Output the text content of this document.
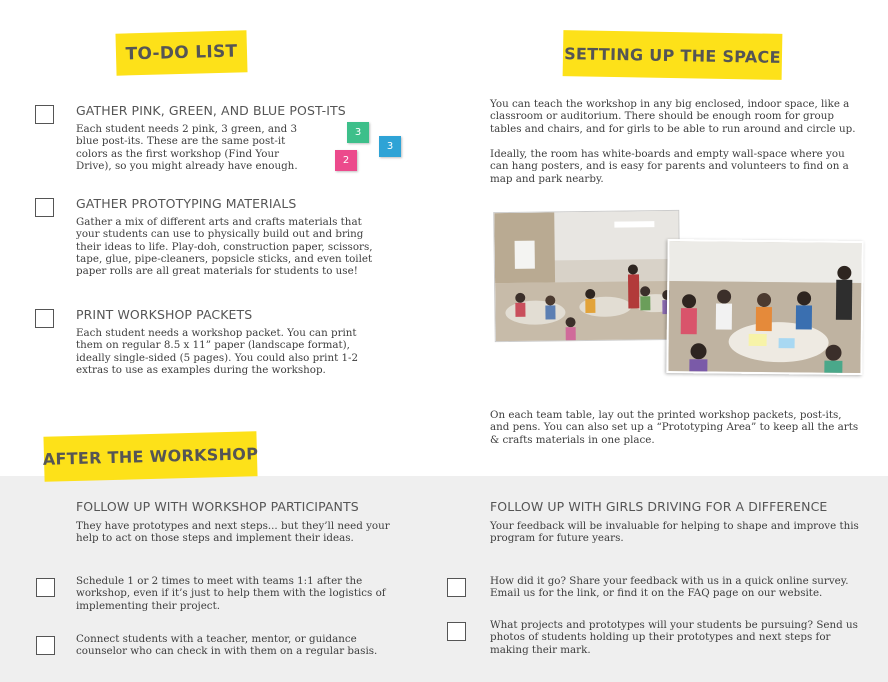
TO-DO LIST
GATHER PINK, GREEN, AND BLUE POST-ITS
Each student needs 2 pink, 3 green, and 3 blue post-its. These are the same post-it colors as the first workshop (Find Your Drive), so you might already have enough.
3
3
2
GATHER PROTOTYPING MATERIALS
Gather a mix of different arts and crafts materials that your students can use to physically build out and bring their ideas to life. Play-doh, construction paper, scissors, tape, glue, pipe-cleaners, popsicle sticks, and even toilet paper rolls are all great materials for students to use!
PRINT WORKSHOP PACKETS
Each student needs a workshop packet. You can print them on regular 8.5 x 11” paper (landscape format), ideally single-sided (5 pages). You could also print 1-2 extras to use as examples during the workshop.
SETTING UP THE SPACE
You can teach the workshop in any big enclosed, indoor space, like a classroom or auditorium. There should be enough room for group tables and chairs, and for girls to be able to run around and circle up.
Ideally, the room has white-boards and empty wall-space where you can hang posters, and is easy for parents and volunteers to find on a map and park nearby.
On each team table, lay out the printed workshop packets, post-its, and pens. You can also set up a “Prototyping Area” to keep all the arts & crafts materials in one place.
AFTER THE WORKSHOP
FOLLOW UP WITH WORKSHOP PARTICIPANTS
They have prototypes and next steps... but they’ll need your help to act on those steps and implement their ideas.
Schedule 1 or 2 times to meet with teams 1:1 after the workshop, even if it’s just to help them with the logistics of implementing their project.
Connect students with a teacher, mentor, or guidance counselor who can check in with them on a regular basis.
FOLLOW UP WITH GIRLS DRIVING FOR A DIFFERENCE
Your feedback will be invaluable for helping to shape and improve this program for future years.
How did it go? Share your feedback with us in a quick online survey. Email us for the link, or find it on the FAQ page on our website.
What projects and prototypes will your students be pursuing? Send us photos of students holding up their prototypes and next steps for making their mark.
